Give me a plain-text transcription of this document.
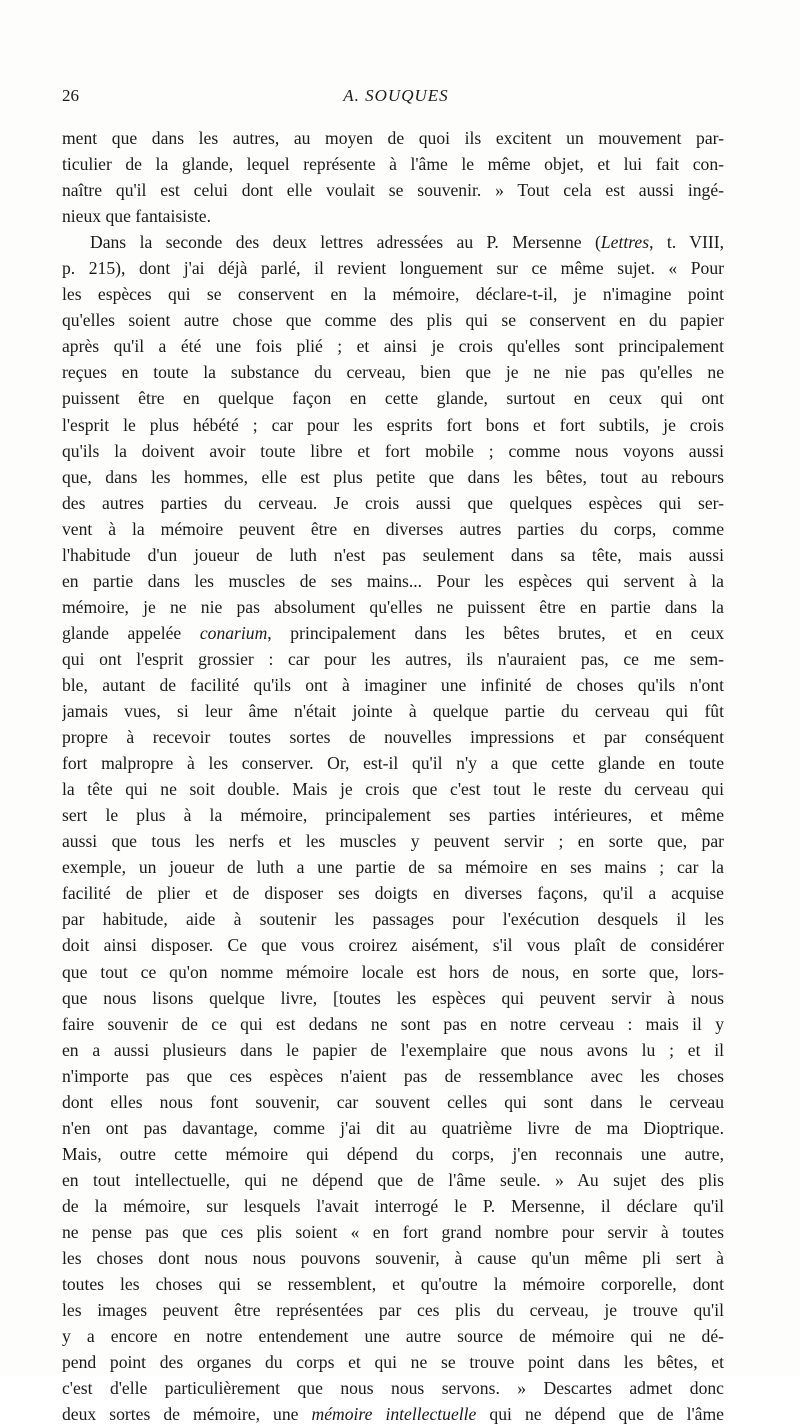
26	A. SOUQUES
ment que dans les autres, au moyen de quoi ils excitent un mouvement par-
ticulier de la glande, lequel représente à l'âme le même objet, et lui fait con-
naître qu'il est celui dont elle voulait se souvenir. » Tout cela est aussi ingé-
nieux que fantaisiste.
Dans la seconde des deux lettres adressées au P. Mersenne (Lettres, t. VIII,
p. 215), dont j'ai déjà parlé, il revient longuement sur ce même sujet. « Pour
les espèces qui se conservent en la mémoire, déclare-t-il, je n'imagine point
qu'elles soient autre chose que comme des plis qui se conservent en du papier
après qu'il a été une fois plié ; et ainsi je crois qu'elles sont principalement
reçues en toute la substance du cerveau, bien que je ne nie pas qu'elles ne
puissent être en quelque façon en cette glande, surtout en ceux qui ont
l'esprit le plus hébété ; car pour les esprits fort bons et fort subtils, je crois
qu'ils la doivent avoir toute libre et fort mobile ; comme nous voyons aussi
que, dans les hommes, elle est plus petite que dans les bêtes, tout au rebours
des autres parties du cerveau. Je crois aussi que quelques espèces qui ser-
vent à la mémoire peuvent être en diverses autres parties du corps, comme
l'habitude d'un joueur de luth n'est pas seulement dans sa tête, mais aussi
en partie dans les muscles de ses mains... Pour les espèces qui servent à la
mémoire, je ne nie pas absolument qu'elles ne puissent être en partie dans la
glande appelée conarium, principalement dans les bêtes brutes, et en ceux
qui ont l'esprit grossier : car pour les autres, ils n'auraient pas, ce me sem-
ble, autant de facilité qu'ils ont à imaginer une infinité de choses qu'ils n'ont
jamais vues, si leur âme n'était jointe à quelque partie du cerveau qui fût
propre à recevoir toutes sortes de nouvelles impressions et par conséquent
fort malpropre à les conserver. Or, est-il qu'il n'y a que cette glande en toute
la tête qui ne soit double. Mais je crois que c'est tout le reste du cerveau qui
sert le plus à la mémoire, principalement ses parties intérieures, et même
aussi que tous les nerfs et les muscles y peuvent servir ; en sorte que, par
exemple, un joueur de luth a une partie de sa mémoire en ses mains ; car la
facilité de plier et de disposer ses doigts en diverses façons, qu'il a acquise
par habitude, aide à soutenir les passages pour l'exécution desquels il les
doit ainsi disposer. Ce que vous croirez aisément, s'il vous plaît de considérer
que tout ce qu'on nomme mémoire locale est hors de nous, en sorte que, lors-
que nous lisons quelque livre, [toutes les espèces qui peuvent servir à nous
faire souvenir de ce qui est dedans ne sont pas en notre cerveau : mais il y
en a aussi plusieurs dans le papier de l'exemplaire que nous avons lu ; et il
n'importe pas que ces espèces n'aient pas de ressemblance avec les choses
dont elles nous font souvenir, car souvent celles qui sont dans le cerveau
n'en ont pas davantage, comme j'ai dit au quatrième livre de ma Dioptrique.
Mais, outre cette mémoire qui dépend du corps, j'en reconnais une autre,
en tout intellectuelle, qui ne dépend que de l'âme seule. » Au sujet des plis
de la mémoire, sur lesquels l'avait interrogé le P. Mersenne, il déclare qu'il
ne pense pas que ces plis soient « en fort grand nombre pour servir à toutes
les choses dont nous nous pouvons souvenir, à cause qu'un même pli sert à
toutes les choses qui se ressemblent, et qu'outre la mémoire corporelle, dont
les images peuvent être représentées par ces plis du cerveau, je trouve qu'il
y a encore en notre entendement une autre source de mémoire qui ne dé-
pend point des organes du corps et qui ne se trouve point dans les bêtes, et
c'est d'elle particulièrement que nous nous servons. » Descartes admet donc
deux sortes de mémoire, une mémoire intellectuelle qui ne dépend que de l'âme
